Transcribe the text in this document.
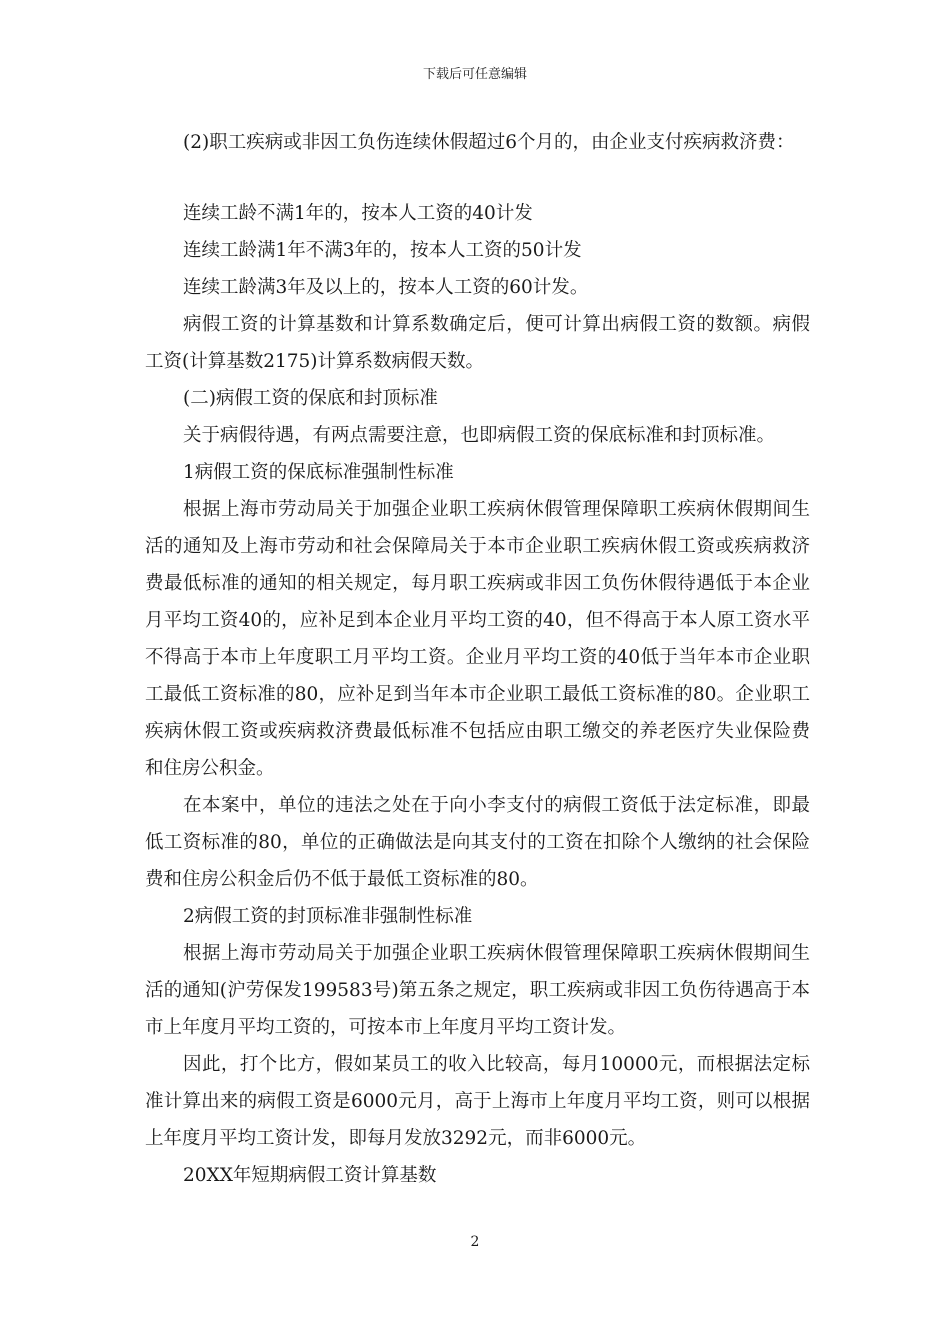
下载后可任意编辑

(2)职工疾病或非因工负伤连续休假超过6个月的，由企业支付疾病救济费：

连续工龄不满1年的，按本人工资的40计发

连续工龄满1年不满3年的，按本人工资的50计发

连续工龄满3年及以上的，按本人工资的60计发。

病假工资的计算基数和计算系数确定后，便可计算出病假工资的数额。病假工资(计算基数2175)计算系数病假天数。

(二)病假工资的保底和封顶标准

关于病假待遇，有两点需要注意，也即病假工资的保底标准和封顶标准。

1病假工资的保底标准强制性标准

根据上海市劳动局关于加强企业职工疾病休假管理保障职工疾病休假期间生活的通知及上海市劳动和社会保障局关于本市企业职工疾病休假工资或疾病救济费最低标准的通知的相关规定，每月职工疾病或非因工负伤休假待遇低于本企业月平均工资40的，应补足到本企业月平均工资的40，但不得高于本人原工资水平不得高于本市上年度职工月平均工资。企业月平均工资的40低于当年本市企业职工最低工资标准的80，应补足到当年本市企业职工最低工资标准的80。企业职工疾病休假工资或疾病救济费最低标准不包括应由职工缴交的养老医疗失业保险费和住房公积金。

在本案中，单位的违法之处在于向小李支付的病假工资低于法定标准，即最低工资标准的80，单位的正确做法是向其支付的工资在扣除个人缴纳的社会保险费和住房公积金后仍不低于最低工资标准的80。

2病假工资的封顶标准非强制性标准

根据上海市劳动局关于加强企业职工疾病休假管理保障职工疾病休假期间生活的通知(沪劳保发199583号)第五条之规定，职工疾病或非因工负伤待遇高于本市上年度月平均工资的，可按本市上年度月平均工资计发。

因此，打个比方，假如某员工的收入比较高，每月10000元，而根据法定标准计算出来的病假工资是6000元月，高于上海市上年度月平均工资，则可以根据上年度月平均工资计发，即每月发放3292元，而非6000元。

20XX年短期病假工资计算基数

2
